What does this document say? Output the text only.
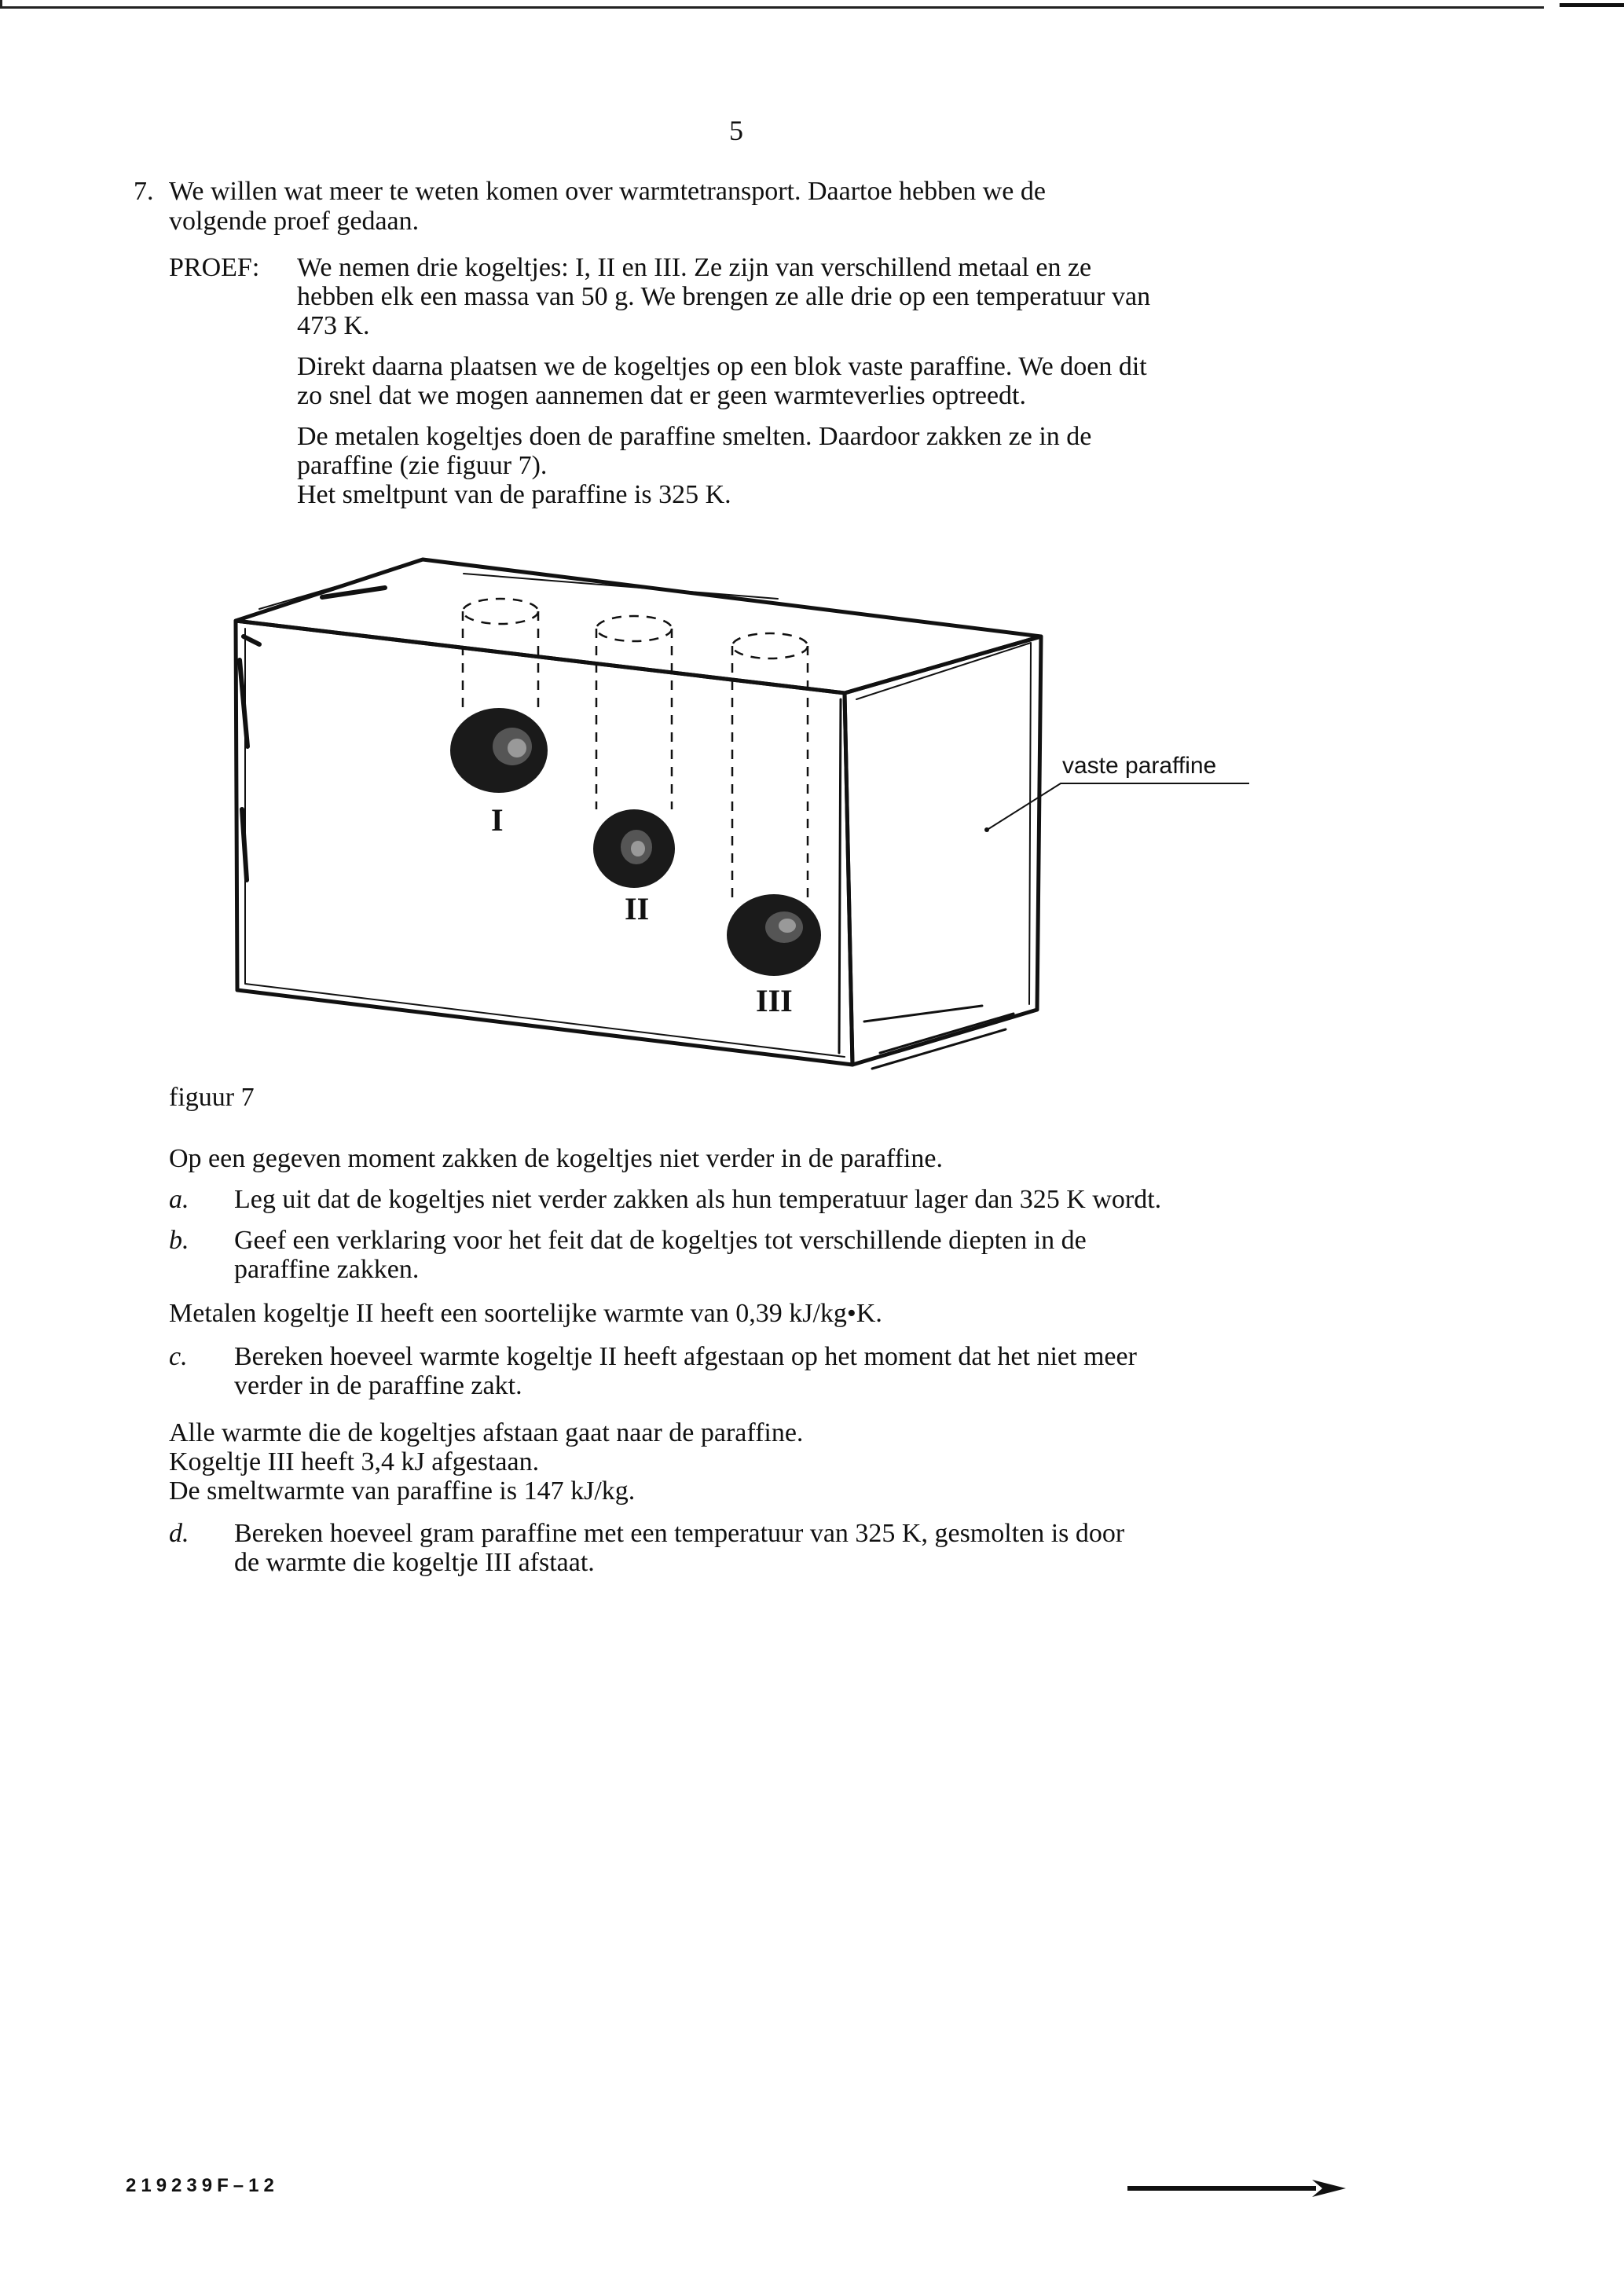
5
7. We willen wat meer te weten komen over warmtetransport. Daartoe hebben we de
volgende proef gedaan.
PROEF: We nemen drie kogeltjes: I, II en III. Ze zijn van verschillend metaal en ze
hebben elk een massa van 50 g. We brengen ze alle drie op een temperatuur van
473 K.
Direkt daarna plaatsen we de kogeltjes op een blok vaste paraffine. We doen dit
zo snel dat we mogen aannemen dat er geen warmteverlies optreedt.
De metalen kogeltjes doen de paraffine smelten. Daardoor zakken ze in de
paraffine (zie figuur 7).
Het smeltpunt van de paraffine is 325 K.
I
II
III
vaste paraffine
figuur 7
Op een gegeven moment zakken de kogeltjes niet verder in de paraffine.
a. Leg uit dat de kogeltjes niet verder zakken als hun temperatuur lager dan 325 K wordt.
b. Geef een verklaring voor het feit dat de kogeltjes tot verschillende diepten in de
paraffine zakken.
Metalen kogeltje II heeft een soortelijke warmte van 0,39 kJ/kg•K.
c. Bereken hoeveel warmte kogeltje II heeft afgestaan op het moment dat het niet meer
verder in de paraffine zakt.
Alle warmte die de kogeltjes afstaan gaat naar de paraffine.
Kogeltje III heeft 3,4 kJ afgestaan.
De smeltwarmte van paraffine is 147 kJ/kg.
d. Bereken hoeveel gram paraffine met een temperatuur van 325 K, gesmolten is door
de warmte die kogeltje III afstaat.
219239F–12
